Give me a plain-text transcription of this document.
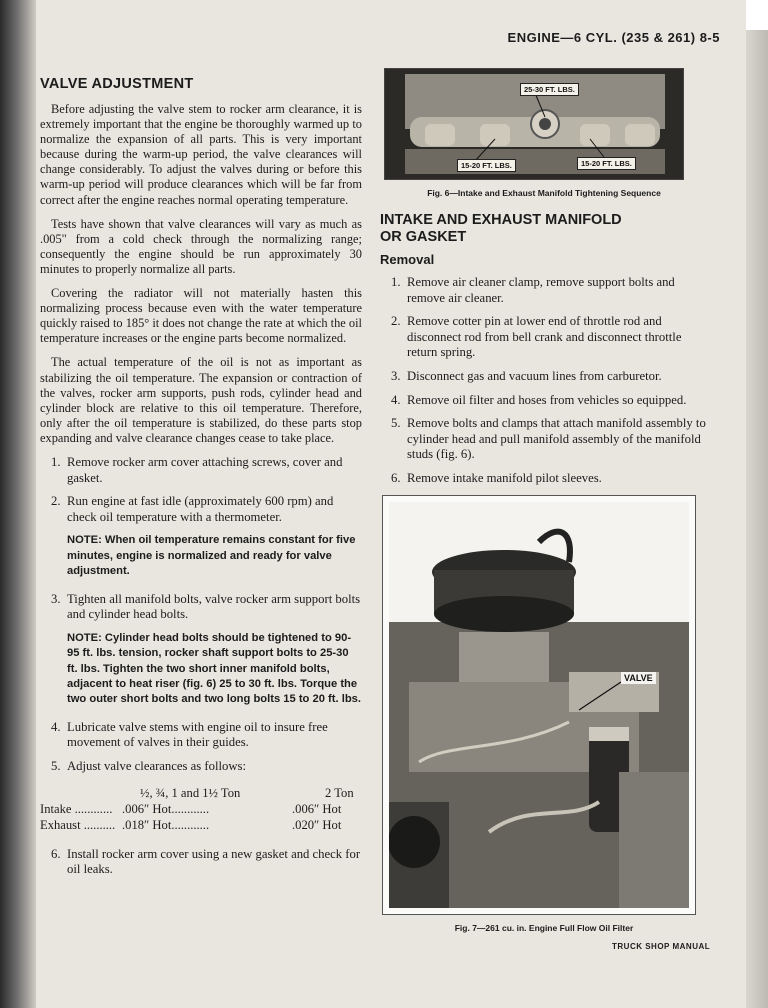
ENGINE—6 CYL. (235 & 261) 8-5
VALVE ADJUSTMENT

Before adjusting the valve stem to rocker arm clearance, it is extremely important that the engine be thoroughly warmed up to normalize the expansion of all parts. This is very important because during the warm-up period, the valve clearances will change considerably. To adjust the valves during or before this warm-up period will produce clearances which will be far from correct after the engine reaches normal operating temperature.

Tests have shown that valve clearances will vary as much as .005" from a cold check through the normalizing range; consequently the engine should be run approximately 30 minutes to properly normalize all parts.

Covering the radiator will not materially hasten this normalizing process because even with the water temperature quickly raised to 185° it does not change the rate at which the oil temperature increases or the engine parts become normalized.

The actual temperature of the oil is not as important as stabilizing the oil temperature. The expansion or contraction of the valves, rocker arm supports, push rods, cylinder head and cylinder block are relative to this oil temperature. Therefore, only after the oil temperature is stabilized, do these parts stop expanding and valve clearance changes cease to take place.

1. Remove rocker arm cover attaching screws, cover and gasket.
2. Run engine at fast idle (approximately 600 rpm) and check oil temperature with a thermometer.
NOTE: When oil temperature remains constant for five minutes, engine is normalized and ready for valve adjustment.
3. Tighten all manifold bolts, valve rocker arm support bolts and cylinder head bolts.
NOTE: Cylinder head bolts should be tightened to 90-95 ft. lbs. tension, rocker shaft support bolts to 25-30 ft. lbs. Tighten the two short inner manifold bolts, adjacent to heat riser (fig. 6) 25 to 30 ft. lbs. Torque the two outer short bolts and two long bolts 15 to 20 ft. lbs.
4. Lubricate valve stems with engine oil to insure free movement of valves in their guides.
5. Adjust valve clearances as follows:
½, ¾, 1 and 1½ Ton	2 Ton
Intake ............ .006″ Hot............	.006″ Hot
Exhaust .......... .018″ Hot............	.020″ Hot
6. Install rocker arm cover using a new gasket and check for oil leaks.
25-30 FT. LBS.
15-20 FT. LBS.	15-20 FT. LBS.
Fig. 6—Intake and Exhaust Manifold Tightening Sequence
INTAKE AND EXHAUST MANIFOLD
OR GASKET
Removal
1. Remove air cleaner clamp, remove support bolts and remove air cleaner.
2. Remove cotter pin at lower end of throttle rod and disconnect rod from bell crank and disconnect throttle return spring.
3. Disconnect gas and vacuum lines from carburetor.
4. Remove oil filter and hoses from vehicles so equipped.
5. Remove bolts and clamps that attach manifold assembly to cylinder head and pull manifold assembly of the manifold studs (fig. 6).
6. Remove intake manifold pilot sleeves.
VALVE
Fig. 7—261 cu. in. Engine Full Flow Oil Filter
TRUCK SHOP MANUAL
